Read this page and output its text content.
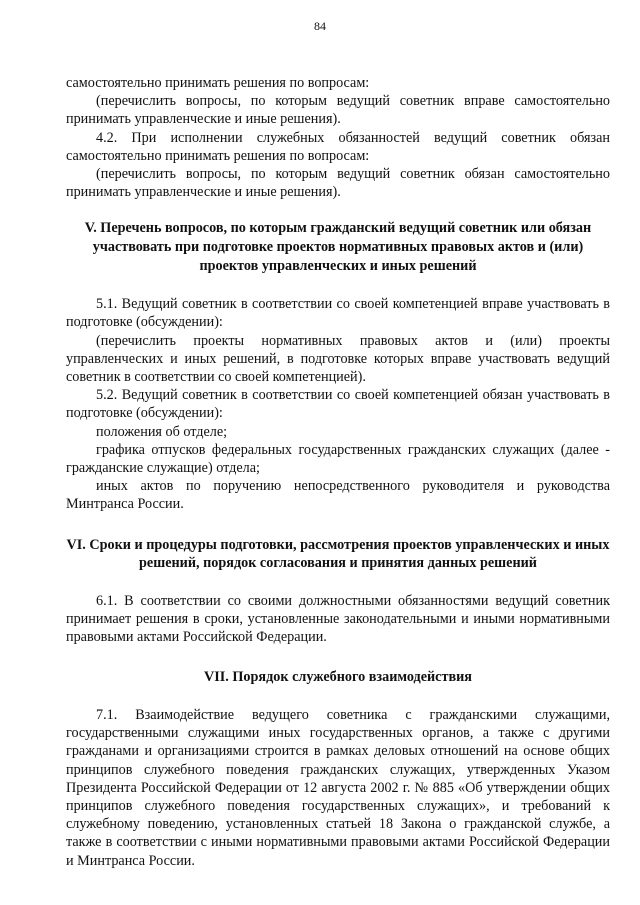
84

самостоятельно принимать решения по вопросам:

(перечислить вопросы, по которым ведущий советник вправе самостоятельно принимать управленческие и иные решения).

4.2. При исполнении служебных обязанностей ведущий советник обязан самостоятельно принимать решения по вопросам:

(перечислить вопросы, по которым ведущий советник обязан самостоятельно принимать управленческие и иные решения).

V. Перечень вопросов, по которым гражданский ведущий советник или обязан участвовать при подготовке проектов нормативных правовых актов и (или) проектов управленческих и иных решений

5.1. Ведущий советник в соответствии со своей компетенцией вправе участвовать в подготовке (обсуждении):

(перечислить проекты нормативных правовых актов и (или) проекты управленческих и иных решений, в подготовке которых вправе участвовать ведущий советник в соответствии со своей компетенцией).

5.2. Ведущий советник в соответствии со своей компетенцией обязан участвовать в подготовке (обсуждении):

положения об отделе;

графика отпусков федеральных государственных гражданских служащих (далее - гражданские служащие) отдела;

иных актов по поручению непосредственного руководителя и руководства Минтранса России.

VI. Сроки и процедуры подготовки, рассмотрения проектов управленческих и иных решений, порядок согласования и принятия данных решений

6.1. В соответствии со своими должностными обязанностями ведущий советник принимает решения в сроки, установленные законодательными и иными нормативными правовыми актами Российской Федерации.

VII. Порядок служебного взаимодействия

7.1. Взаимодействие ведущего советника с гражданскими служащими, государственными служащими иных государственных органов, а также с другими гражданами и организациями строится в рамках деловых отношений на основе общих принципов служебного поведения гражданских служащих, утвержденных Указом Президента Российской Федерации от 12 августа 2002 г. № 885 «Об утверждении общих принципов служебного поведения государственных служащих», и требований к служебному поведению, установленных статьей 18 Закона о гражданской службе, а также в соответствии с иными нормативными правовыми актами Российской Федерации и Минтранса России.
